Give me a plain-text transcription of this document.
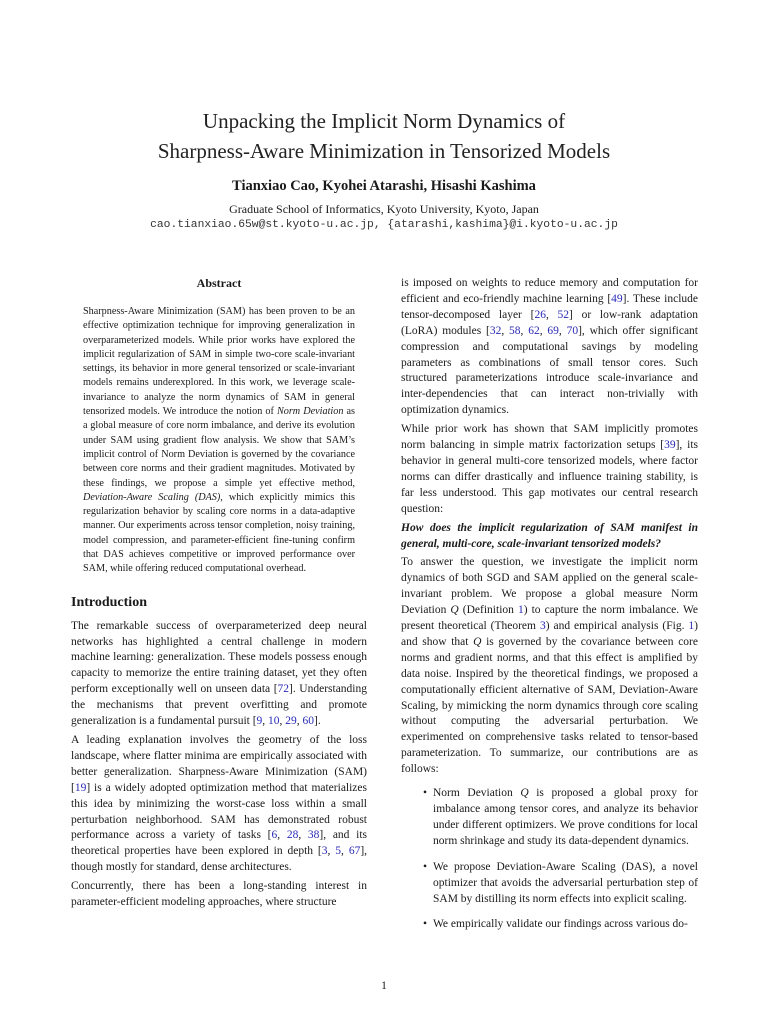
Unpacking the Implicit Norm Dynamics of
Sharpness-Aware Minimization in Tensorized Models
Tianxiao Cao, Kyohei Atarashi, Hisashi Kashima
Graduate School of Informatics, Kyoto University, Kyoto, Japan
cao.tianxiao.65w@st.kyoto-u.ac.jp, {atarashi,kashima}@i.kyoto-u.ac.jp
Abstract
Sharpness-Aware Minimization (SAM) has been proven to be an effective optimization technique for improving generalization in overparameterized models. While prior works have explored the implicit regularization of SAM in simple two-core scale-invariant settings, its behavior in more general tensorized or scale-invariant models remains underexplored. In this work, we leverage scale-invariance to analyze the norm dynamics of SAM in general tensorized models. We introduce the notion of Norm Deviation as a global measure of core norm imbalance, and derive its evolution under SAM using gradient flow analysis. We show that SAM’s implicit control of Norm Deviation is governed by the covariance between core norms and their gradient magnitudes. Motivated by these findings, we propose a simple yet effective method, Deviation-Aware Scaling (DAS), which explicitly mimics this regularization behavior by scaling core norms in a data-adaptive manner. Our experiments across tensor completion, noisy training, model compression, and parameter-efficient fine-tuning confirm that DAS achieves competitive or improved performance over SAM, while offering reduced computational overhead.
Introduction

The remarkable success of overparameterized deep neural networks has highlighted a central challenge in modern machine learning: generalization. These models possess enough capacity to memorize the entire training dataset, yet they often perform exceptionally well on unseen data [72]. Understanding the mechanisms that prevent overfitting and promote generalization is a fundamental pursuit [9, 10, 29, 60].

A leading explanation involves the geometry of the loss landscape, where flatter minima are empirically associated with better generalization. Sharpness-Aware Minimization (SAM) [19] is a widely adopted optimization method that materializes this idea by minimizing the worst-case loss within a small perturbation neighborhood. SAM has demonstrated robust performance across a variety of tasks [6, 28, 38], and its theoretical properties have been explored in depth [3, 5, 67], though mostly for standard, dense architectures.

Concurrently, there has been a long-standing interest in parameter-efficient modeling approaches, where structure

is imposed on weights to reduce memory and computation for efficient and eco-friendly machine learning [49]. These include tensor-decomposed layer [26, 52] or low-rank adaptation (LoRA) modules [32, 58, 62, 69, 70], which offer significant compression and computational savings by modeling parameters as combinations of small tensor cores. Such structured parameterizations introduce scale-invariance and inter-dependencies that can interact non-trivially with optimization dynamics.

While prior work has shown that SAM implicitly promotes norm balancing in simple matrix factorization setups [39], its behavior in general multi-core tensorized models, where factor norms can differ drastically and influence training stability, is far less understood. This gap motivates our central research question:

How does the implicit regularization of SAM manifest in general, multi-core, scale-invariant tensorized models?

To answer the question, we investigate the implicit norm dynamics of both SGD and SAM applied on the general scale-invariant problem. We propose a global measure Norm Deviation Q (Definition 1) to capture the norm imbalance. We present theoretical (Theorem 3) and empirical analysis (Fig. 1) and show that Q is governed by the covariance between core norms and gradient norms, and that this effect is amplified by data noise. Inspired by the theoretical findings, we proposed a computationally efficient alternative of SAM, Deviation-Aware Scaling, by mimicking the norm dynamics through core scaling without computing the adversarial perturbation. We experimented on comprehensive tasks related to tensor-based parameterization. To summarize, our contributions are as follows:

• Norm Deviation Q is proposed a global proxy for imbalance among tensor cores, and analyze its behavior under different optimizers. We prove conditions for local norm shrinkage and study its data-dependent dynamics.
• We propose Deviation-Aware Scaling (DAS), a novel optimizer that avoids the adversarial perturbation step of SAM by distilling its norm effects into explicit scaling.
• We empirically validate our findings across various do-
1
